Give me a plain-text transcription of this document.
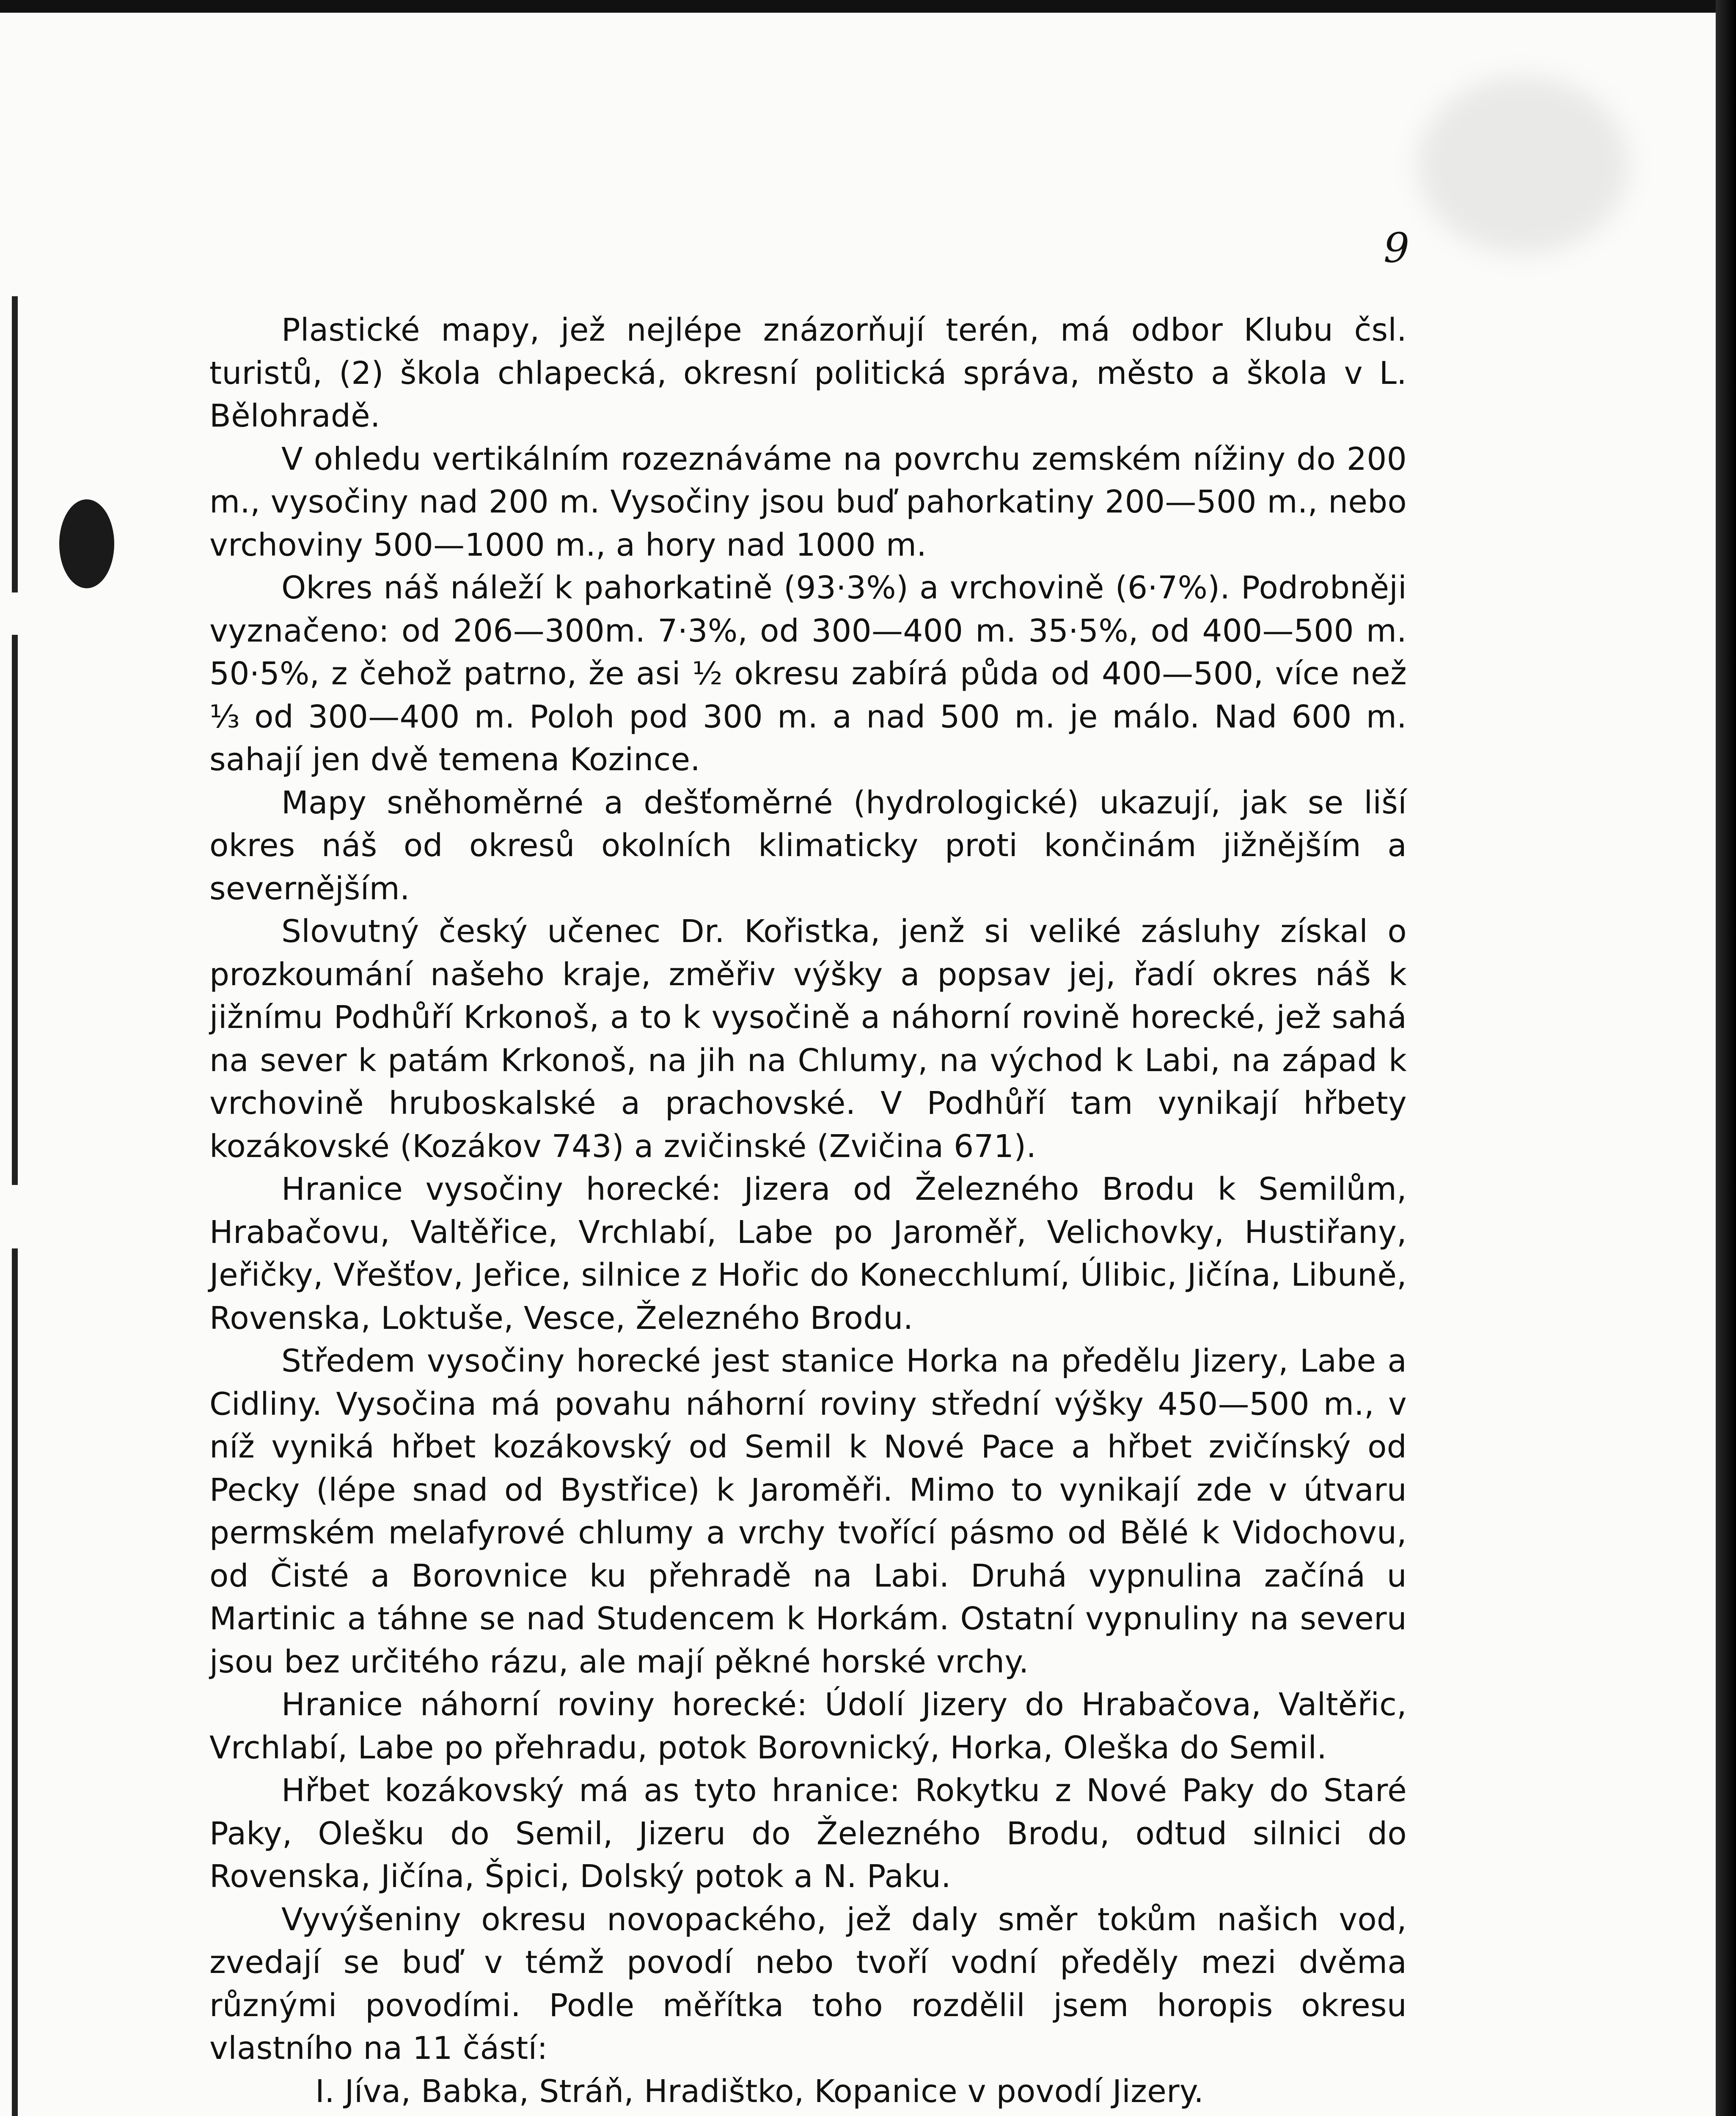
9

Plastické mapy, jež nejlépe znázorňují terén, má odbor Klubu čsl. turistů, (2) škola chlapecká, okresní politická správa, město a škola v L. Bělohradě.

V ohledu vertikálním rozeznáváme na povrchu zemském nížiny do 200 m., vysočiny nad 200 m. Vysočiny jsou buď pahorkatiny 200—500 m., nebo vrchoviny 500—1000 m., a hory nad 1000 m.

Okres náš náleží k pahorkatině (93·3%) a vrchovině (6·7%). Podrobněji vyznačeno: od 206—300m. 7·3%, od 300—400 m. 35·5%, od 400—500 m. 50·5%, z čehož patrno, že asi ½ okresu zabírá půda od 400—500, více než ⅓ od 300—400 m. Poloh pod 300 m. a nad 500 m. je málo. Nad 600 m. sahají jen dvě temena Kozince.

Mapy sněhoměrné a dešťoměrné (hydrologické) ukazují, jak se liší okres náš od okresů okolních klimaticky proti končinám jižnějším a severnějším.

Slovutný český učenec Dr. Kořistka, jenž si veliké zásluhy získal o prozkoumání našeho kraje, změřiv výšky a popsav jej, řadí okres náš k jižnímu Podhůří Krkonoš, a to k vysočině a náhorní rovině horecké, jež sahá na sever k patám Krkonoš, na jih na Chlumy, na východ k Labi, na západ k vrchovině hruboskalské a prachovské. V Podhůří tam vynikají hřbety kozákovské (Kozákov 743) a zvičinské (Zvičina 671).

Hranice vysočiny horecké: Jizera od Železného Brodu k Semilům, Hrabačovu, Valtěřice, Vrchlabí, Labe po Jaroměř, Velichovky, Hustiřany, Jeřičky, Vřešťov, Jeřice, silnice z Hořic do Konecchlumí, Úlibic, Jičína, Libuně, Rovenska, Loktuše, Vesce, Železného Brodu.

Středem vysočiny horecké jest stanice Horka na předělu Jizery, Labe a Cidliny. Vysočina má povahu náhorní roviny střední výšky 450—500 m., v níž vyniká hřbet kozákovský od Semil k Nové Pace a hřbet zvičínský od Pecky (lépe snad od Bystřice) k Jaroměři. Mimo to vynikají zde v útvaru permském melafyrové chlumy a vrchy tvořící pásmo od Bělé k Vidochovu, od Čisté a Borovnice ku přehradě na Labi. Druhá vypnulina začíná u Martinic a táhne se nad Studencem k Horkám. Ostatní vypnuliny na severu jsou bez určitého rázu, ale mají pěkné horské vrchy.

Hranice náhorní roviny horecké: Údolí Jizery do Hrabačova, Valtěřic, Vrchlabí, Labe po přehradu, potok Borovnický, Horka, Oleška do Semil.

Hřbet kozákovský má as tyto hranice: Rokytku z Nové Paky do Staré Paky, Olešku do Semil, Jizeru do Železného Brodu, odtud silnici do Rovenska, Jičína, Špici, Dolský potok a N. Paku.

Vyvýšeniny okresu novopackého, jež daly směr tokům našich vod, zvedají se buď v témž povodí nebo tvoří vodní předěly mezi dvěma různými povodími. Podle měřítka toho rozdělil jsem horopis okresu vlastního na 11 částí:

I. Jíva, Babka, Stráň, Hradištko, Kopanice v povodí Jizery.
